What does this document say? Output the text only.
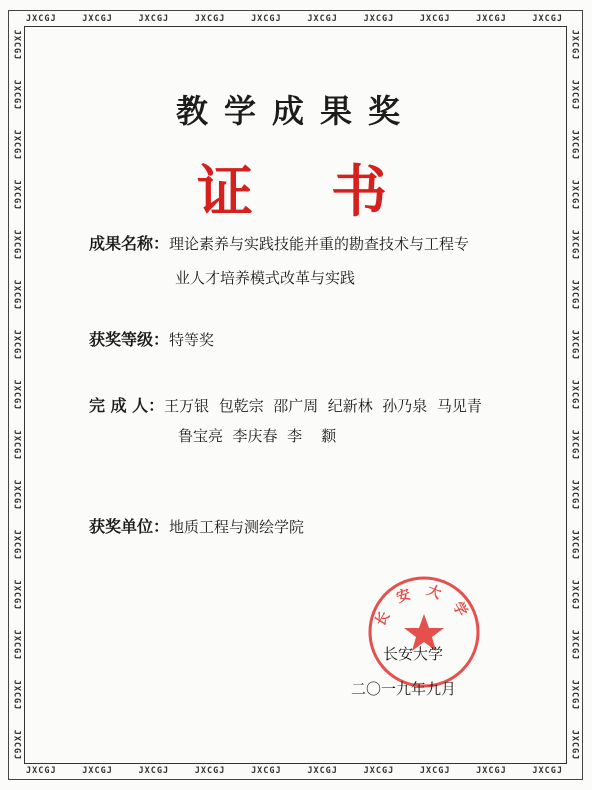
JXCGJ	JXCGJ	JXCGJ	JXCGJ	JXCGJ	JXCGJ	JXCGJ	JXCGJ	JXCGJ	JXCGJ
JXCGJ	JXCGJ	JXCGJ	JXCGJ	JXCGJ	JXCGJ	JXCGJ	JXCGJ	JXCGJ	JXCGJ
JXCGJ
JXCGJ
JXCGJ
JXCGJ
JXCGJ
JXCGJ
JXCGJ
JXCGJ
JXCGJ
JXCGJ
JXCGJ
JXCGJ
JXCGJ
JXCGJ
JXCGJ
JXCGJ
JXCGJ
JXCGJ
JXCGJ
JXCGJ
JXCGJ
JXCGJ
JXCGJ
JXCGJ
JXCGJ
JXCGJ
JXCGJ
JXCGJ
JXCGJ
JXCGJ
教学成果奖
证书
成果名称：理论素养与实践技能并重的勘查技术与工程专
业人才培养模式改革与实践
获奖等级：特等奖
完 成 人：王万银  包乾宗  邵广周  纪新林  孙乃泉  马见青
鲁宝亮  李庆春  李    颣
获奖单位：地质工程与测绘学院
长安大学
长安大学
二〇一九年九月
